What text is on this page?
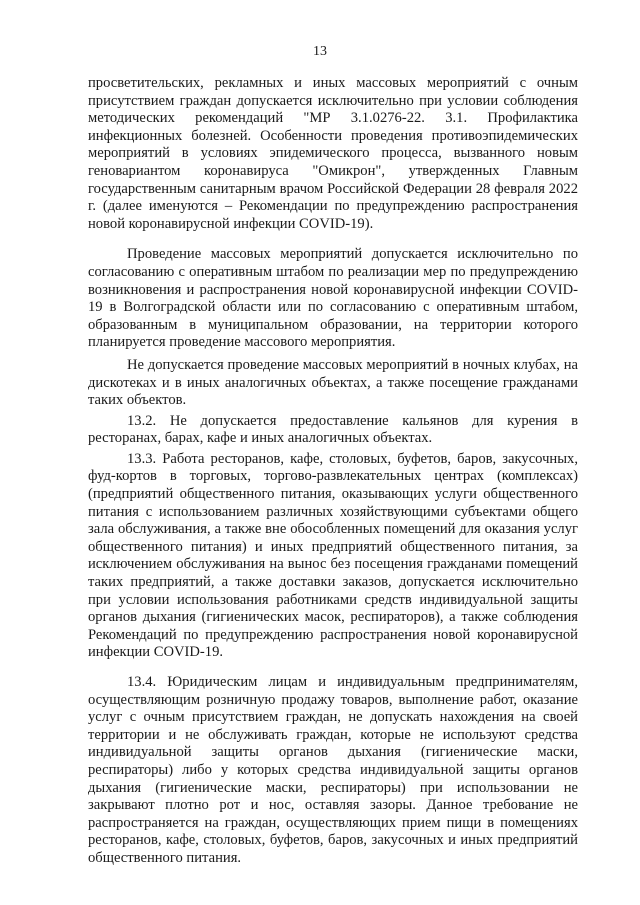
13

просветительских, рекламных и иных массовых мероприятий с очным присутствием граждан допускается исключительно при условии соблюдения методических рекомендаций "МР 3.1.0276-22. 3.1. Профилактика инфекционных болезней. Особенности проведения противоэпидемических мероприятий в условиях эпидемического процесса, вызванного новым геновариантом коронавируса "Омикрон", утвержденных Главным государственным санитарным врачом Российской Федерации 28 февраля 2022 г. (далее именуются – Рекомендации по предупреждению распространения новой коронавирусной инфекции COVID-19).

Проведение массовых мероприятий допускается исключительно по согласованию с оперативным штабом по реализации мер по предупреждению возникновения и распространения новой коронавирусной инфекции COVID-19 в Волгоградской области или по согласованию с оперативным штабом, образованным в муниципальном образовании, на территории которого планируется проведение массового мероприятия.

Не допускается проведение массовых мероприятий в ночных клубах, на дискотеках и в иных аналогичных объектах, а также посещение гражданами таких объектов.

13.2. Не допускается предоставление кальянов для курения в ресторанах, барах, кафе и иных аналогичных объектах.

13.3. Работа ресторанов, кафе, столовых, буфетов, баров, закусочных, фуд-кортов в торговых, торгово-развлекательных центрах (комплексах) (предприятий общественного питания, оказывающих услуги общественного питания с использованием различных хозяйствующими субъектами общего зала обслуживания, а также вне обособленных помещений для оказания услуг общественного питания) и иных предприятий общественного питания, за исключением обслуживания на вынос без посещения гражданами помещений таких предприятий, а также доставки заказов, допускается исключительно при условии использования работниками средств индивидуальной защиты органов дыхания (гигиенических масок, респираторов), а также соблюдения Рекомендаций по предупреждению распространения новой коронавирусной инфекции COVID-19.

13.4. Юридическим лицам и индивидуальным предпринимателям, осуществляющим розничную продажу товаров, выполнение работ, оказание услуг с очным присутствием граждан, не допускать нахождения на своей территории и не обслуживать граждан, которые не используют средства индивидуальной защиты органов дыхания (гигиенические маски, респираторы) либо у которых средства индивидуальной защиты органов дыхания (гигиенические маски, респираторы) при использовании не закрывают плотно рот и нос, оставляя зазоры. Данное требование не распространяется на граждан, осуществляющих прием пищи в помещениях ресторанов, кафе, столовых, буфетов, баров, закусочных и иных предприятий общественного питания.
